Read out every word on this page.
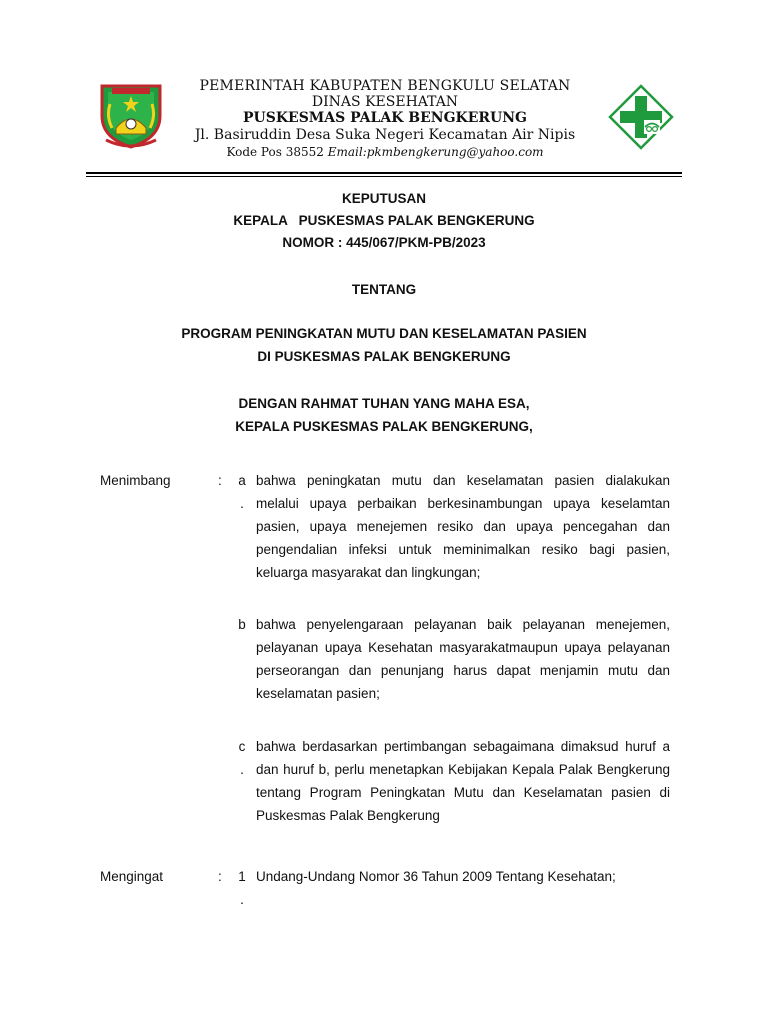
PEMERINTAH KABUPATEN BENGKULU SELATAN
DINAS KESEHATAN
PUSKESMAS PALAK BENGKERUNG
Jl. Basiruddin Desa Suka Negeri Kecamatan Air Nipis
Kode Pos 38552 Email:pkmbengkerung@yahoo.com
KEPUTUSAN
KEPALA   PUSKESMAS PALAK BENGKERUNG
NOMOR : 445/067/PKM-PB/2023
TENTANG
PROGRAM PENINGKATAN MUTU DAN KESELAMATAN PASIEN
DI PUSKESMAS PALAK BENGKERUNG
DENGAN RAHMAT TUHAN YANG MAHA ESA,
KEPALA PUSKESMAS PALAK BENGKERUNG,
Menimbang	: a
.
bahwa peningkatan mutu dan keselamatan pasien dialakukan melalui upaya perbaikan berkesinambungan upaya keselamtan pasien, upaya menejemen resiko dan upaya pencegahan dan pengendalian infeksi untuk meminimalkan resiko bagi pasien, keluarga masyarakat dan lingkungan;
b bahwa penyelengaraan pelayanan baik pelayanan menejemen, pelayanan upaya Kesehatan masyarakatmaupun upaya pelayanan perseorangan dan penunjang harus dapat menjamin mutu dan keselamatan pasien;
c
.
bahwa berdasarkan pertimbangan sebagaimana dimaksud huruf a dan huruf b, perlu menetapkan Kebijakan Kepala Palak Bengkerung tentang Program Peningkatan Mutu dan Keselamatan pasien di Puskesmas Palak Bengkerung
Mengingat	: 1
.
Undang-Undang Nomor 36 Tahun 2009 Tentang Kesehatan;
